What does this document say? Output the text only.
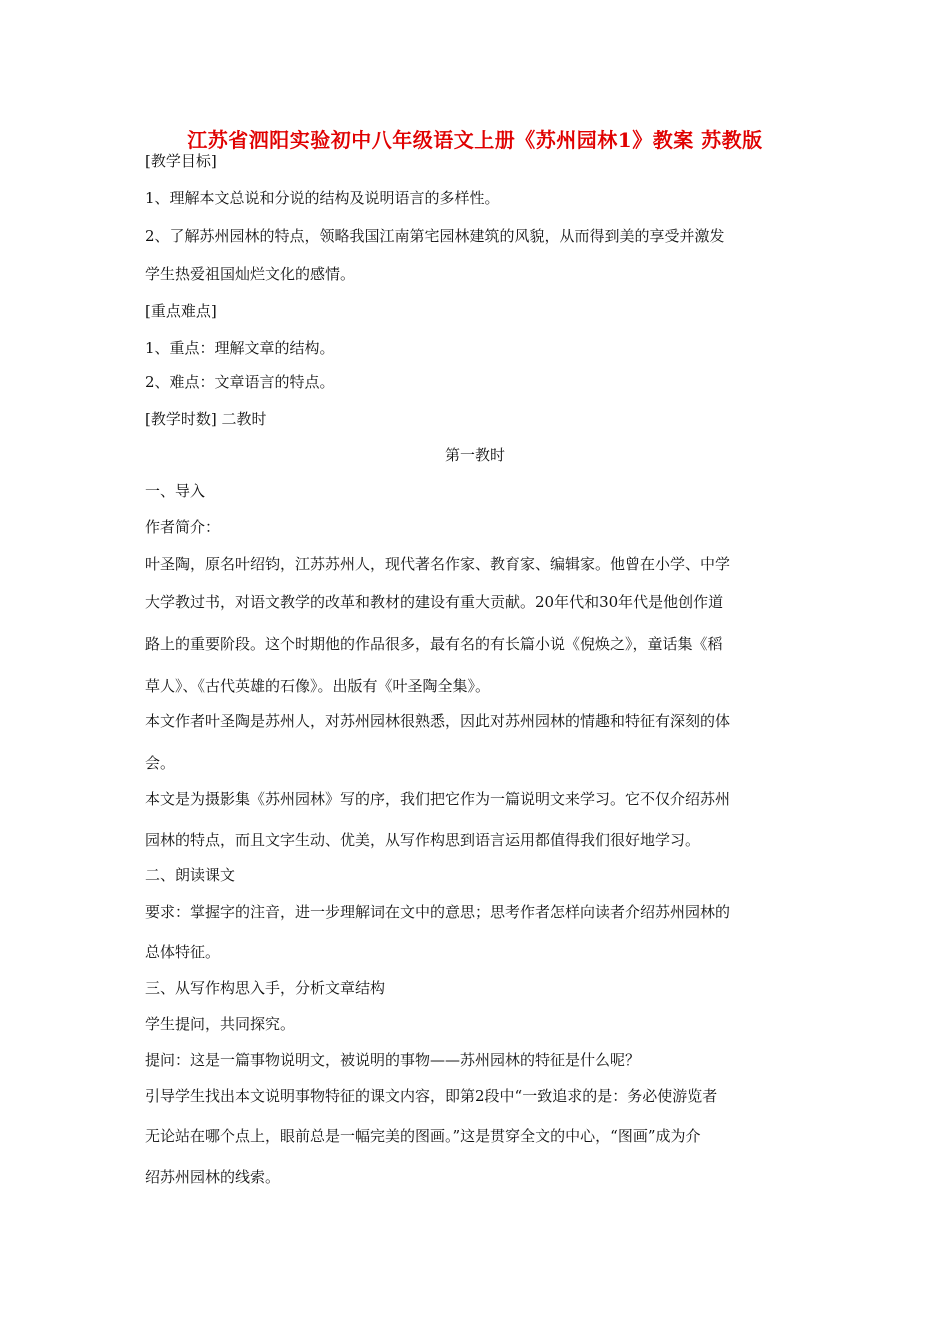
江苏省泗阳实验初中八年级语文上册《苏州园林1》教案 苏教版
[教学目标]
1、理解本文总说和分说的结构及说明语言的多样性。
2、了解苏州园林的特点，领略我国江南第宅园林建筑的风貌，从而得到美的享受并激发
学生热爱祖国灿烂文化的感情。
[重点难点]
1、重点：理解文章的结构。
2、难点：文章语言的特点。
[教学时数] 二教时
第一教时
一、导入
作者简介：
叶圣陶，原名叶绍钧，江苏苏州人，现代著名作家、教育家、编辑家。他曾在小学、中学
大学教过书，对语文教学的改革和教材的建设有重大贡献。20年代和30年代是他创作道
路上的重要阶段。这个时期他的作品很多，最有名的有长篇小说《倪焕之》，童话集《稻
草人》、《古代英雄的石像》。出版有《叶圣陶全集》。
本文作者叶圣陶是苏州人，对苏州园林很熟悉，因此对苏州园林的情趣和特征有深刻的体
会。
本文是为摄影集《苏州园林》写的序，我们把它作为一篇说明文来学习。它不仅介绍苏州
园林的特点，而且文字生动、优美，从写作构思到语言运用都值得我们很好地学习。
二、朗读课文
要求：掌握字的注音，进一步理解词在文中的意思；思考作者怎样向读者介绍苏州园林的
总体特征。
三、从写作构思入手，分析文章结构
学生提问，共同探究。
提问：这是一篇事物说明文，被说明的事物——苏州园林的特征是什么呢？
引导学生找出本文说明事物特征的课文内容，即第2段中“一致追求的是：务必使游览者
无论站在哪个点上，眼前总是一幅完美的图画。”这是贯穿全文的中心，“图画”成为介
绍苏州园林的线索。
